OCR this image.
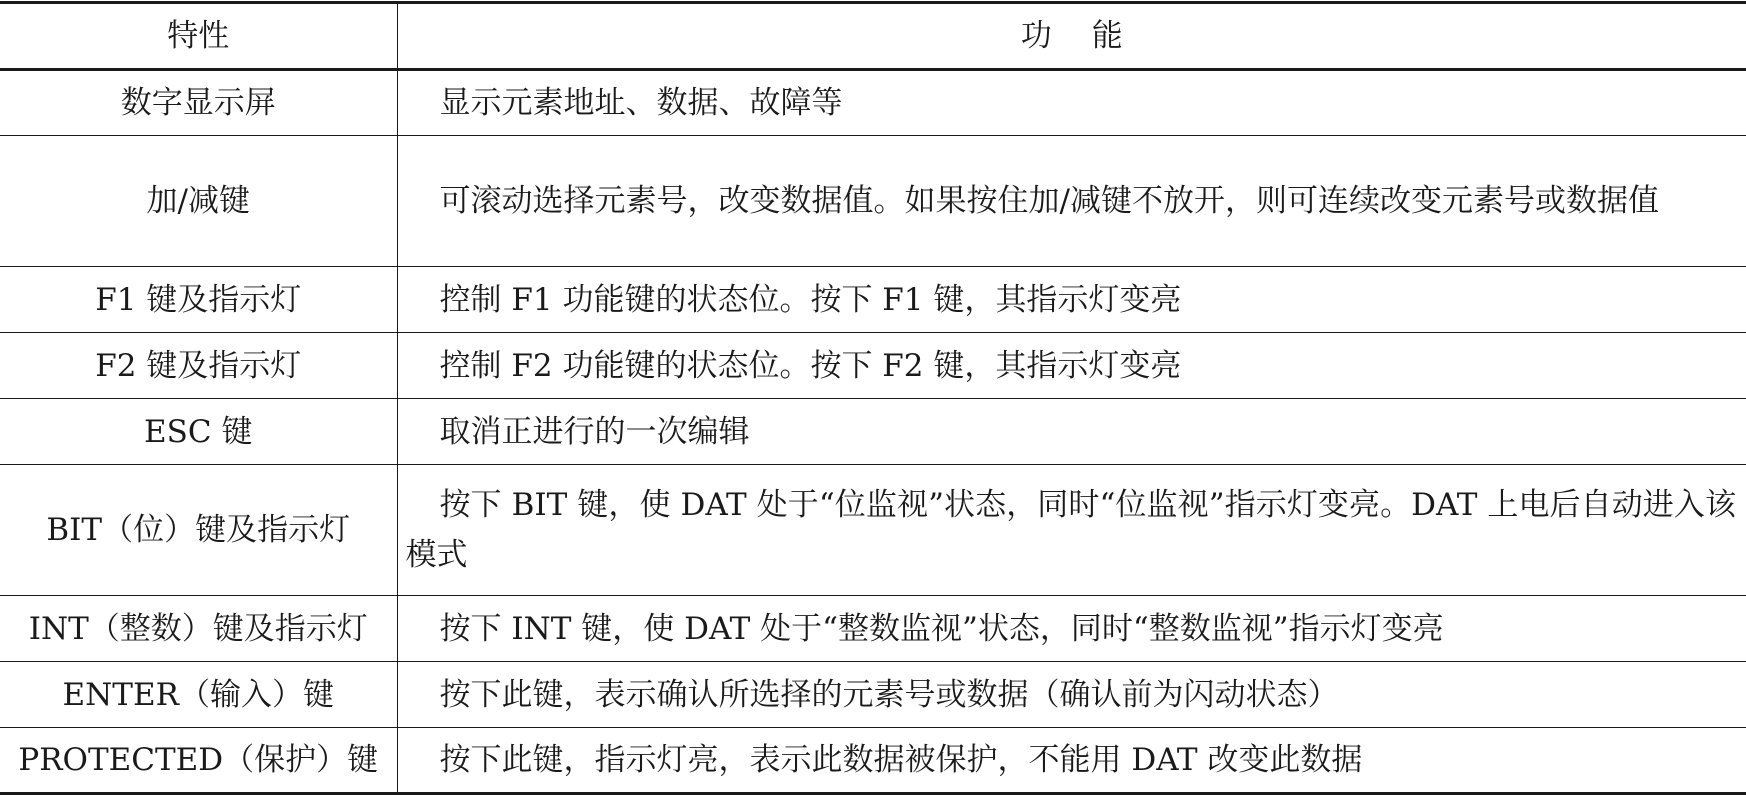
特性	功能
数字显示屏	显示元素地址、数据、故障等
加/减键	可滚动选择元素号，改变数据值。如果按住加/减键不放开，则可连续改变元素号或数据值
F1 键及指示灯	控制 F1 功能键的状态位。按下 F1 键，其指示灯变亮
F2 键及指示灯	控制 F2 功能键的状态位。按下 F2 键，其指示灯变亮
ESC 键	取消正进行的一次编辑
BIT（位）键及指示灯	按下 BIT 键，使 DAT 处于“位监视”状态，同时“位监视”指示灯变亮。DAT 上电后自动进入该模式
INT（整数）键及指示灯	按下 INT 键，使 DAT 处于“整数监视”状态，同时“整数监视”指示灯变亮
ENTER（输入）键	按下此键，表示确认所选择的元素号或数据（确认前为闪动状态）
PROTECTED（保护）键	按下此键，指示灯亮，表示此数据被保护，不能用 DAT 改变此数据
